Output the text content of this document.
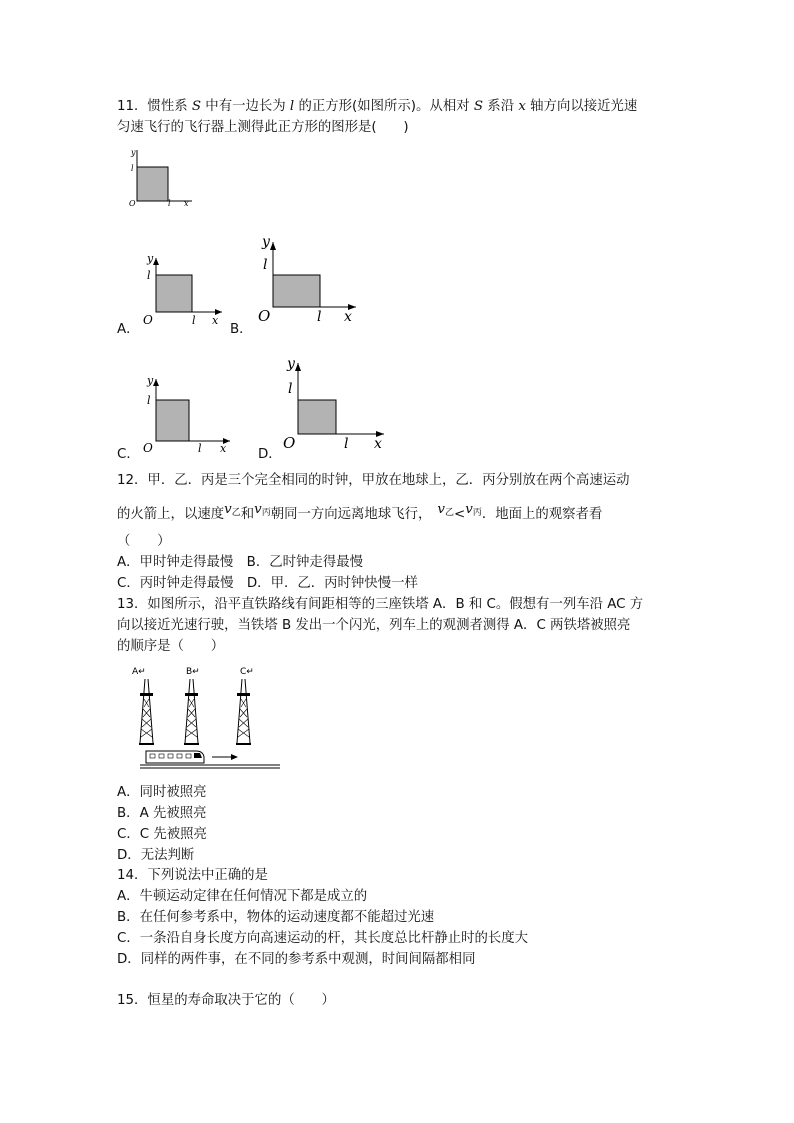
11．惯性系 S 中有一边长为 l 的正方形(如图所示)。从相对 S 系沿 x 轴方向以接近光速
匀速飞行的飞行器上测得此正方形的图形是(　　)
y
l
O	l x
A．
y
l
O	l x
B．
y
l
O	l x
C．
y
l
O	l x D．
y
l
O	l x
12．甲．乙．丙是三个完全相同的时钟，甲放在地球上，乙．丙分别放在两个高速运动
的火箭上，以速度$v^乙$和$v^丙$朝同一方向远离地球飞行， $v^乙<v^丙$．地面上的观察者看
（　　）
A．甲时钟走得最慢　B．乙时钟走得最慢
C．丙时钟走得最慢　D．甲．乙．丙时钟快慢一样
13．如图所示，沿平直铁路线有间距相等的三座铁塔 A．B 和 C。假想有一列车沿 AC 方
向以接近光速行驶，当铁塔 B 发出一个闪光，列车上的观测者测得 A．C 两铁塔被照亮
的顺序是（　　）
A↵	B↵	C↵
A．同时被照亮
B．A 先被照亮
C．C 先被照亮
D．无法判断
14．下列说法中正确的是
A．牛顿运动定律在任何情况下都是成立的
B．在任何参考系中，物体的运动速度都不能超过光速
C．一条沿自身长度方向高速运动的杆，其长度总比杆静止时的长度大
D．同样的两件事，在不同的参考系中观测，时间间隔都相同
15．恒星的寿命取决于它的（　　）
